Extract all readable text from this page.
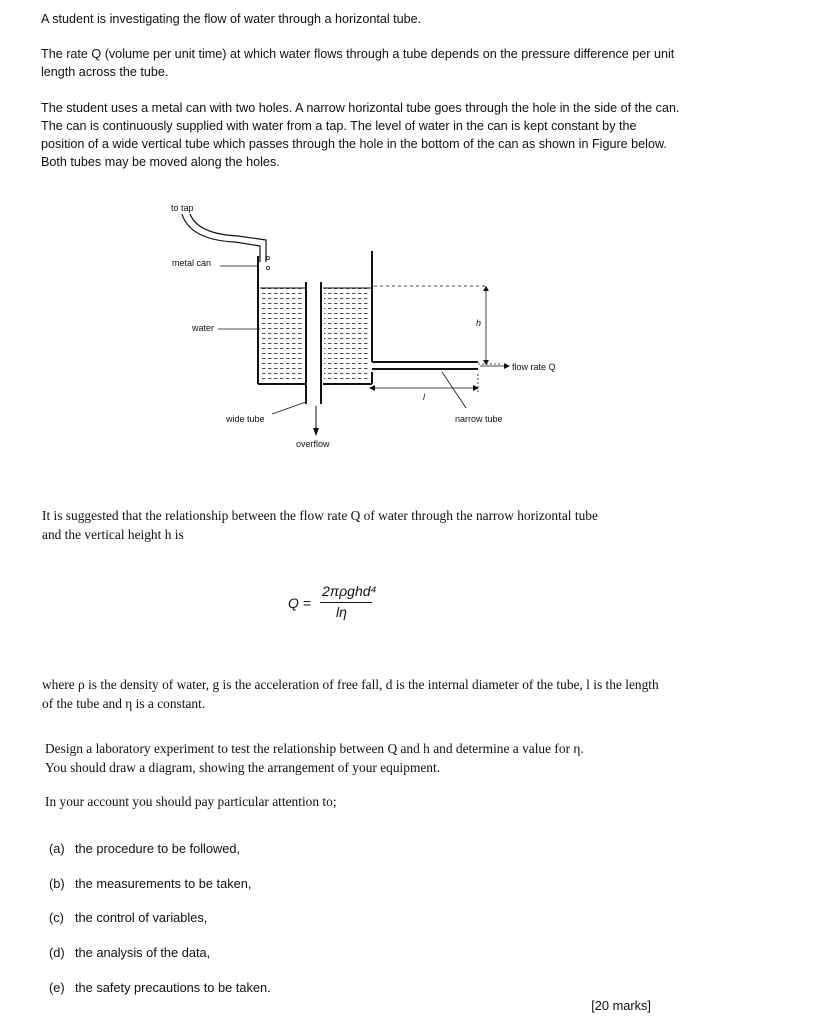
A student is investigating the flow of water through a horizontal tube.

The rate Q (volume per unit time) at which water flows through a tube depends on the pressure difference per unit length across the tube.

The student uses a metal can with two holes. A narrow horizontal tube goes through the hole in the side of the can. The can is continuously supplied with water from a tap. The level of water in the can is kept constant by the position of a wide vertical tube which passes through the hole in the bottom of the can as shown in Figure below. Both tubes may be moved along the holes.

to tap
metal can
water
wide tube
overflow
narrow tube
flow rate Q
h
l

It is suggested that the relationship between the flow rate Q of water through the narrow horizontal tube and the vertical height h is

Q =
2πρghd⁴
lη

where ρ is the density of water, g is the acceleration of free fall, d is the internal diameter of the tube, l is the length of the tube and η is a constant.

Design a laboratory experiment to test the relationship between Q and h and determine a value for η. You should draw a diagram, showing the arrangement of your equipment.

In your account you should pay particular attention to;

(a) the procedure to be followed,

(b) the measurements to be taken,

(c) the control of variables,

(d) the analysis of the data,

(e) the safety precautions to be taken.

[20 marks]
